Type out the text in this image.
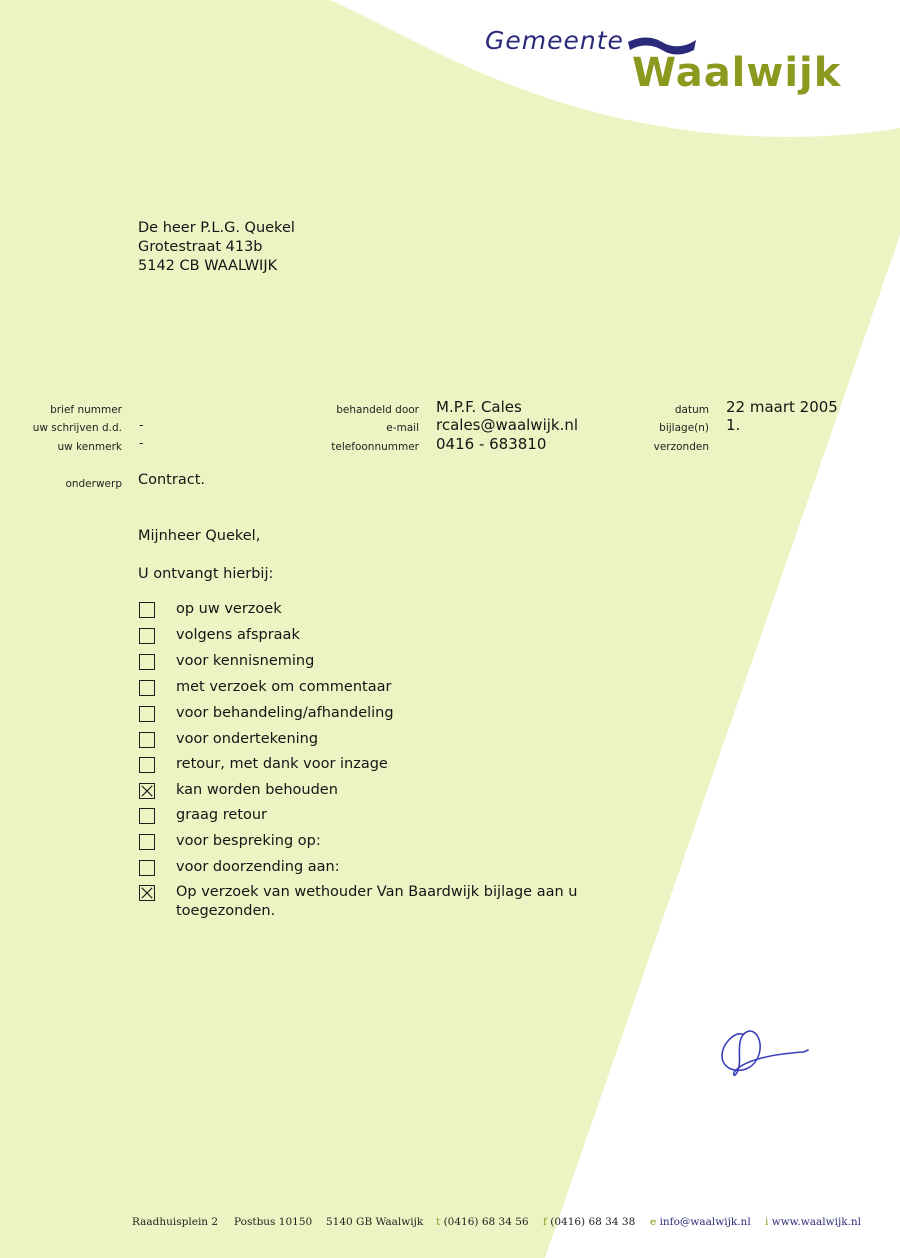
Gemeente
Waalwijk
De heer P.L.G. Quekel
Grotestraat 413b
5142 CB WAALWIJK
brief nummer
uw schrijven d.d. -
uw kenmerk -
behandeld door M.P.F. Cales
e-mail rcales@waalwijk.nl
telefoonnummer 0416 - 683810
datum 22 maart 2005
bijlage(n) 1.
verzonden
onderwerp Contract.
Mijnheer Quekel,
U ontvangt hierbij:
op uw verzoek
volgens afspraak
voor kennisneming
met verzoek om commentaar
voor behandeling/afhandeling
voor ondertekening
retour, met dank voor inzage
kan worden behouden
graag retour
voor bespreking op:
voor doorzending aan:
Op verzoek van wethouder Van Baardwijk bijlage aan u
toegezonden.
Raadhuisplein 2 Postbus 10150 5140 GB Waalwijk t (0416) 68 34 56 f (0416) 68 34 38 e info@waalwijk.nl i www.waalwijk.nl
